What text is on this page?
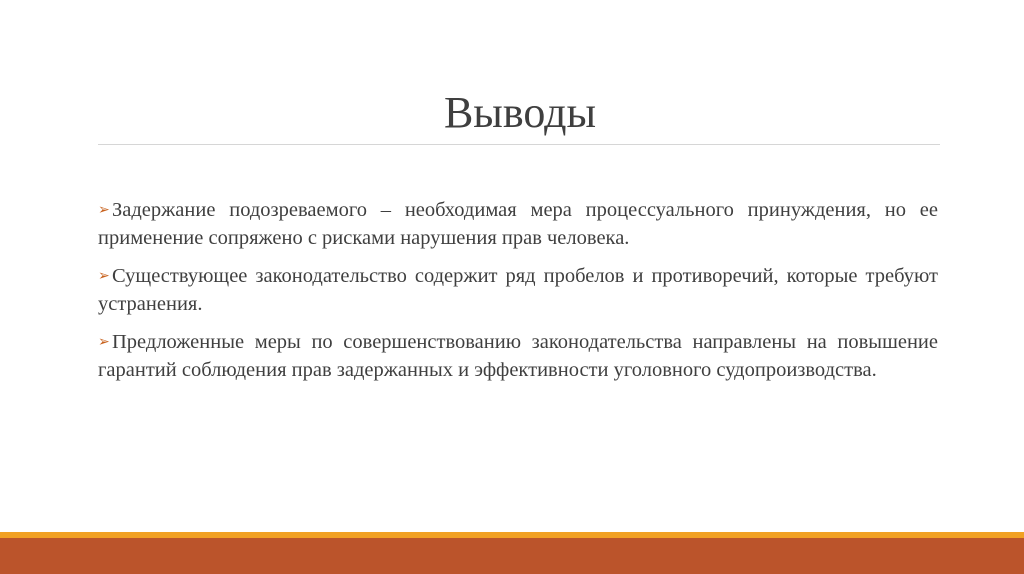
Выводы

➢ Задержание подозреваемого – необходимая мера процессуального принуждения, но ее применение сопряжено с рисками нарушения прав человека.

➢ Существующее законодательство содержит ряд пробелов и противоречий, которые требуют устранения.

➢ Предложенные меры по совершенствованию законодательства направлены на повышение гарантий соблюдения прав задержанных и эффективности уголовного судопроизводства.
